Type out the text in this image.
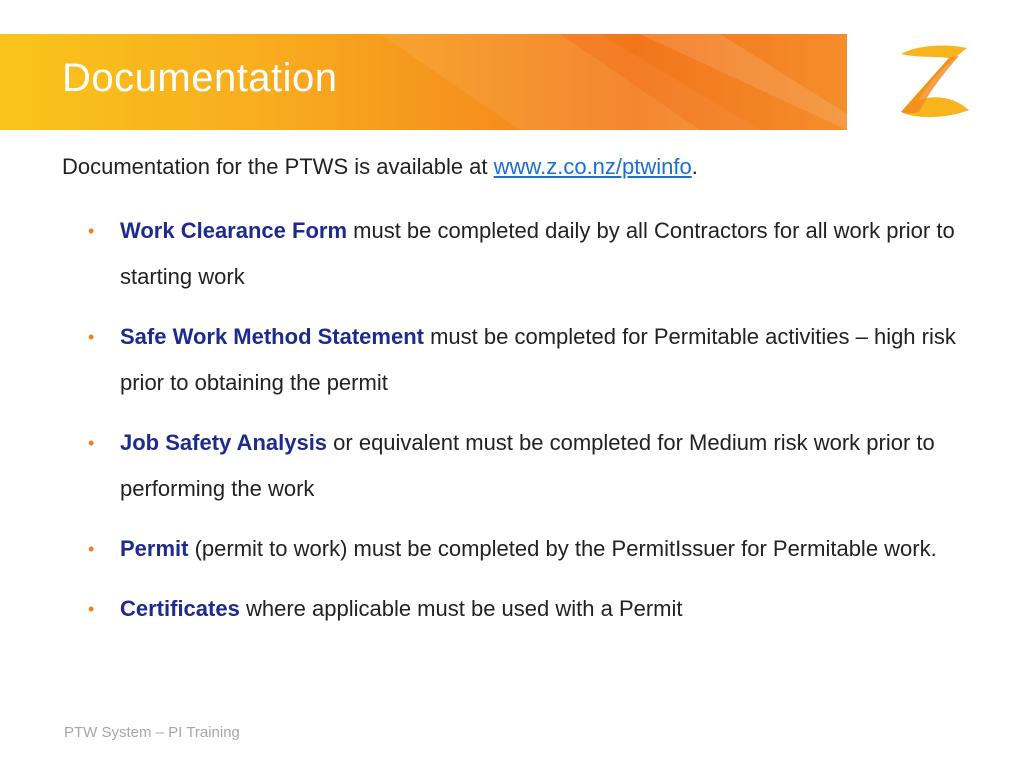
Documentation
Documentation for the PTWS is available at www.z.co.nz/ptwinfo.
• Work Clearance Form must be completed daily by all Contractors for all work prior to starting work
• Safe Work Method Statement must be completed for Permitable activities – high risk prior to obtaining the permit
• Job Safety Analysis or equivalent must be completed for Medium risk work prior to performing the work
• Permit (permit to work) must be completed by the PermitIssuer for Permitable work.
• Certificates where applicable must be used with a Permit
PTW System – PI Training
